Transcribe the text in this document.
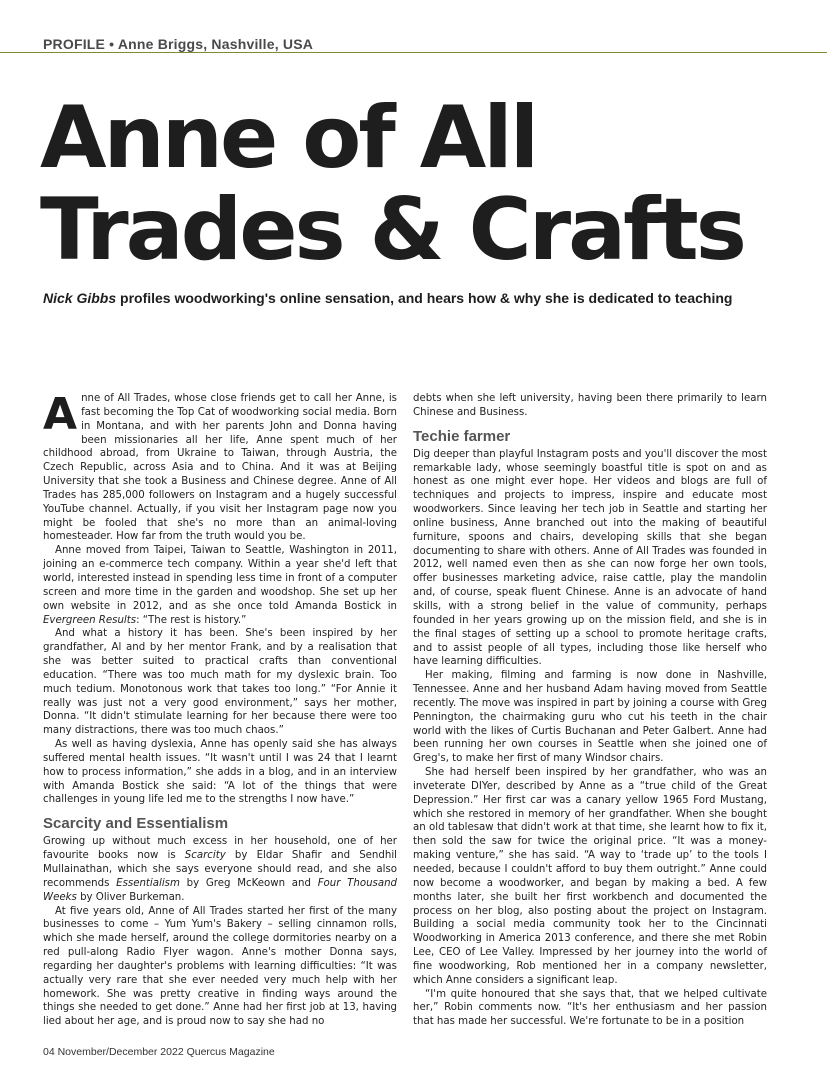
PROFILE • Anne Briggs, Nashville, USA
Anne of All
Trades & Crafts
Nick Gibbs profiles woodworking's online sensation, and hears how & why she is dedicated to teaching

Anne of All Trades, whose close friends get to call her Anne, is fast becoming the Top Cat of woodworking social media. Born in Montana, and with her parents John and Donna having been missionaries all her life, Anne spent much of her childhood abroad, from Ukraine to Taiwan, through Austria, the Czech Republic, across Asia and to China. And it was at Beijing University that she took a Business and Chinese degree. Anne of All Trades has 285,000 followers on Instagram and a hugely successful YouTube channel. Actually, if you visit her Instagram page now you might be fooled that she's no more than an animal-loving homesteader. How far from the truth would you be.

Anne moved from Taipei, Taiwan to Seattle, Washington in 2011, joining an e-commerce tech company. Within a year she'd left that world, interested instead in spending less time in front of a computer screen and more time in the garden and woodshop. She set up her own website in 2012, and as she once told Amanda Bostick in Evergreen Results: “The rest is history.”

And what a history it has been. She's been inspired by her grandfather, Al and by her mentor Frank, and by a realisation that she was better suited to practical crafts than conventional education. “There was too much math for my dyslexic brain. Too much tedium. Monotonous work that takes too long.” “For Annie it really was just not a very good environment,” says her mother, Donna. “It didn't stimulate learning for her because there were too many distractions, there was too much chaos.”

As well as having dyslexia, Anne has openly said she has always suffered mental health issues. “It wasn't until I was 24 that I learnt how to process information,” she adds in a blog, and in an interview with Amanda Bostick she said: “A lot of the things that were challenges in young life led me to the strengths I now have.”

Scarcity and Essentialism

Growing up without much excess in her household, one of her favourite books now is Scarcity by Eldar Shafir and Sendhil Mullainathan, which she says everyone should read, and she also recommends Essentialism by Greg McKeown and Four Thousand Weeks by Oliver Burkeman.

At five years old, Anne of All Trades started her first of the many businesses to come – Yum Yum's Bakery – selling cinnamon rolls, which she made herself, around the college dormitories nearby on a red pull-along Radio Flyer wagon. Anne's mother Donna says, regarding her daughter's problems with learning difficulties: “It was actually very rare that she ever needed very much help with her homework. She was pretty creative in finding ways around the things she needed to get done.” Anne had her first job at 13, having lied about her age, and is proud now to say she had no

debts when she left university, having been there primarily to learn Chinese and Business.

Techie farmer

Dig deeper than playful Instagram posts and you'll discover the most remarkable lady, whose seemingly boastful title is spot on and as honest as one might ever hope. Her videos and blogs are full of techniques and projects to impress, inspire and educate most woodworkers. Since leaving her tech job in Seattle and starting her online business, Anne branched out into the making of beautiful furniture, spoons and chairs, developing skills that she began documenting to share with others. Anne of All Trades was founded in 2012, well named even then as she can now forge her own tools, offer businesses marketing advice, raise cattle, play the mandolin and, of course, speak fluent Chinese. Anne is an advocate of hand skills, with a strong belief in the value of community, perhaps founded in her years growing up on the mission field, and she is in the final stages of setting up a school to promote heritage crafts, and to assist people of all types, including those like herself who have learning difficulties.

Her making, filming and farming is now done in Nashville, Tennessee. Anne and her husband Adam having moved from Seattle recently. The move was inspired in part by joining a course with Greg Pennington, the chairmaking guru who cut his teeth in the chair world with the likes of Curtis Buchanan and Peter Galbert. Anne had been running her own courses in Seattle when she joined one of Greg's, to make her first of many Windsor chairs.

She had herself been inspired by her grandfather, who was an inveterate DIYer, described by Anne as a “true child of the Great Depression.” Her first car was a canary yellow 1965 Ford Mustang, which she restored in memory of her grandfather. When she bought an old tablesaw that didn't work at that time, she learnt how to fix it, then sold the saw for twice the original price. “It was a money-making venture,” she has said. “A way to ‘trade up’ to the tools I needed, because I couldn't afford to buy them outright.” Anne could now become a woodworker, and began by making a bed. A few months later, she built her first workbench and documented the process on her blog, also posting about the project on Instagram. Building a social media community took her to the Cincinnati Woodworking in America 2013 conference, and there she met Robin Lee, CEO of Lee Valley. Impressed by her journey into the world of fine woodworking, Rob mentioned her in a company newsletter, which Anne considers a significant leap.

“I'm quite honoured that she says that, that we helped cultivate her,” Robin comments now. “It's her enthusiasm and her passion that has made her successful. We're fortunate to be in a position

04 November/December 2022 Quercus Magazine
